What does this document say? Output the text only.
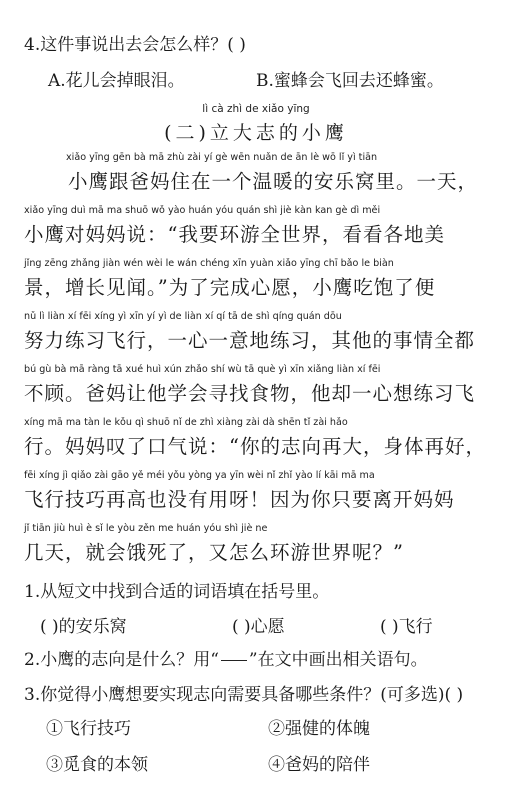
4.这件事说出去会怎么样？( )
A.花儿会掉眼泪。	B.蜜蜂会飞回去还蜂蜜。
lì cà zhì de xiǎo yīng
(二)立大志的小鹰
xiǎo yīng gēn bà mā zhù zài yí gè wēn nuǎn de ān lè wō lǐ yì tiān
小鹰跟爸妈住在一个温暖的安乐窝里。一天，
xiǎo yīng duì mā ma shuō wǒ yào huán yóu quán shì jiè kàn kan gè dì měi
小鹰对妈妈说：“我要环游全世界，看看各地美
jǐng zēng zhǎng jiàn wén wèi le wán chéng xīn yuàn xiǎo yīng chī bǎo le biàn
景，增长见闻。”为了完成心愿，小鹰吃饱了便
nǔ lì liàn xí fēi xíng yì xīn yí yì de liàn xí qí tā de shì qíng quán dōu
努力练习飞行，一心一意地练习，其他的事情全都
bú gù bà mā ràng tā xué huì xún zhǎo shí wù tā què yì xīn xiǎng liàn xí fēi
不顾。爸妈让他学会寻找食物，他却一心想练习飞
xíng mā ma tàn le kǒu qì shuō nǐ de zhì xiàng zài dà shēn tǐ zài hǎo
行。妈妈叹了口气说：“你的志向再大，身体再好，
fēi xíng jì qiǎo zài gāo yě méi yǒu yòng ya yīn wèi nǐ zhǐ yào lí kāi mā ma
飞行技巧再高也没有用呀！因为你只要离开妈妈
jǐ tiān jiù huì è sǐ le yòu zěn me huán yóu shì jiè ne
几天，就会饿死了，又怎么环游世界呢？”
1.从短文中找到合适的词语填在括号里。
( )的安乐窝	( )心愿	( )飞行
2.小鹰的志向是什么？用“ ”在文中画出相关语句。
3.你觉得小鹰想要实现志向需要具备哪些条件？(可多选)( )
①飞行技巧	②强健的体魄
③觅食的本领	④爸妈的陪伴
